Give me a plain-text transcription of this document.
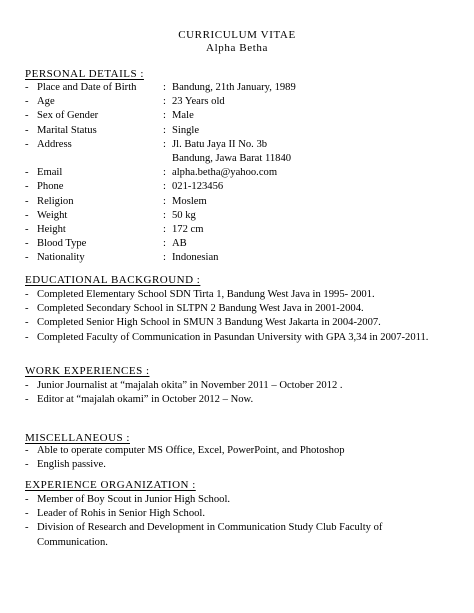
CURRICULUM VITAE
Alpha Betha
PERSONAL DETAILS :
- Place and Date of Birth	: Bandung, 21th January, 1989
- Age	: 23 Years old
- Sex of Gender	: Male
- Marital Status	: Single
- Address	: Jl. Batu Jaya II No. 3b
Bandung, Jawa Barat 11840
- Email	: alpha.betha@yahoo.com
- Phone	: 021-123456
- Religion	: Moslem
- Weight	: 50 kg
- Height	: 172 cm
- Blood Type	: AB
- Nationality	: Indonesian
EDUCATIONAL BACKGROUND :
- Completed Elementary School SDN Tirta 1, Bandung West Java in 1995- 2001.
- Completed Secondary School in SLTPN 2 Bandung West Java in 2001-2004.
- Completed Senior High School in SMUN 3 Bandung West Jakarta in 2004-2007.
- Completed Faculty of Communication in Pasundan University with GPA 3,34 in 2007-2011.
WORK EXPERIENCES :
- Junior Journalist at “majalah okita” in November 2011 – October 2012 .
- Editor at “majalah okami” in October 2012 – Now.
MISCELLANEOUS :
- Able to operate computer MS Office, Excel, PowerPoint, and Photoshop
- English passive.
EXPERIENCE ORGANIZATION :
- Member of Boy Scout in Junior High School.
- Leader of Rohis in Senior High School.
- Division of Research and Development in Communication Study Club Faculty of Communication.
